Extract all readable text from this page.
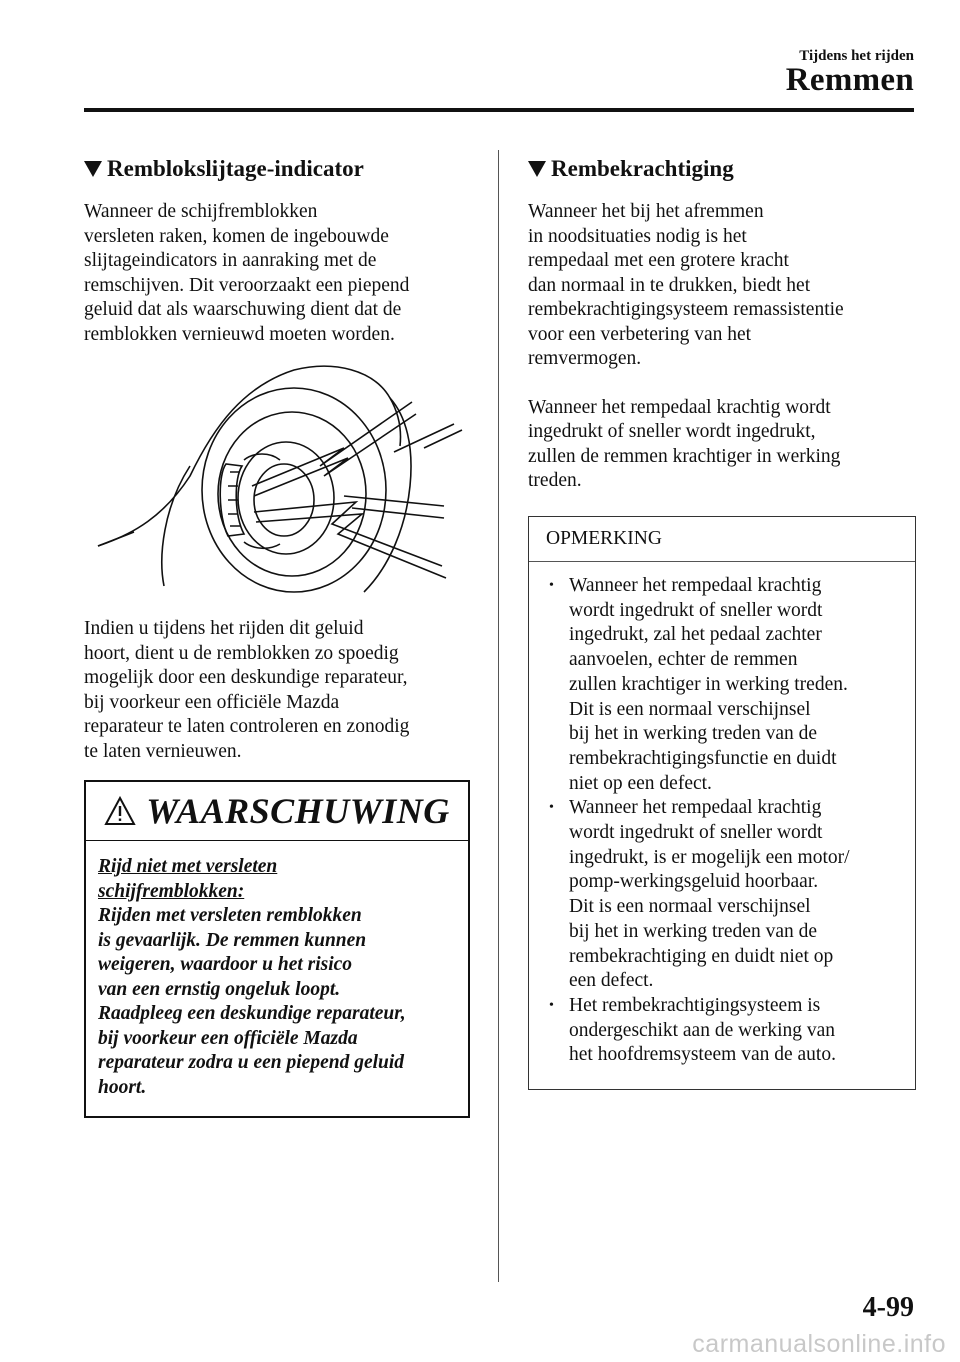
Tijdens het rijden
Remmen
Remblokslijtage-indicator

Wanneer de schijfremblokken
versleten raken, komen de ingebouwde
slijtageindicators in aanraking met de
remschijven. Dit veroorzaakt een piepend
geluid dat als waarschuwing dient dat de
remblokken vernieuwd moeten worden.

Indien u tijdens het rijden dit geluid
hoort, dient u de remblokken zo spoedig
mogelijk door een deskundige reparateur,
bij voorkeur een officiële Mazda
reparateur te laten controleren en zonodig
te laten vernieuwen.

WAARSCHUWING
Rijd niet met versleten
schijfremblokken:
Rijden met versleten remblokken
is gevaarlijk. De remmen kunnen
weigeren, waardoor u het risico
van een ernstig ongeluk loopt.
Raadpleeg een deskundige reparateur,
bij voorkeur een officiële Mazda
reparateur zodra u een piepend geluid
hoort.
Rembekrachtiging

Wanneer het bij het afremmen
in noodsituaties nodig is het
rempedaal met een grotere kracht
dan normaal in te drukken, biedt het
rembekrachtigingsysteem remassistentie
voor een verbetering van het
remvermogen.

Wanneer het rempedaal krachtig wordt
ingedrukt of sneller wordt ingedrukt,
zullen de remmen krachtiger in werking
treden.

OPMERKING
• Wanneer het rempedaal krachtig
wordt ingedrukt of sneller wordt
ingedrukt, zal het pedaal zachter
aanvoelen, echter de remmen
zullen krachtiger in werking treden.
Dit is een normaal verschijnsel
bij het in werking treden van de
rembekrachtigingsfunctie en duidt
niet op een defect.
• Wanneer het rempedaal krachtig
wordt ingedrukt of sneller wordt
ingedrukt, is er mogelijk een motor/
pomp-werkingsgeluid hoorbaar.
Dit is een normaal verschijnsel
bij het in werking treden van de
rembekrachtiging en duidt niet op
een defect.
• Het rembekrachtigingsysteem is
ondergeschikt aan de werking van
het hoofdremsysteem van de auto.
4-99
carmanualsonline.info
